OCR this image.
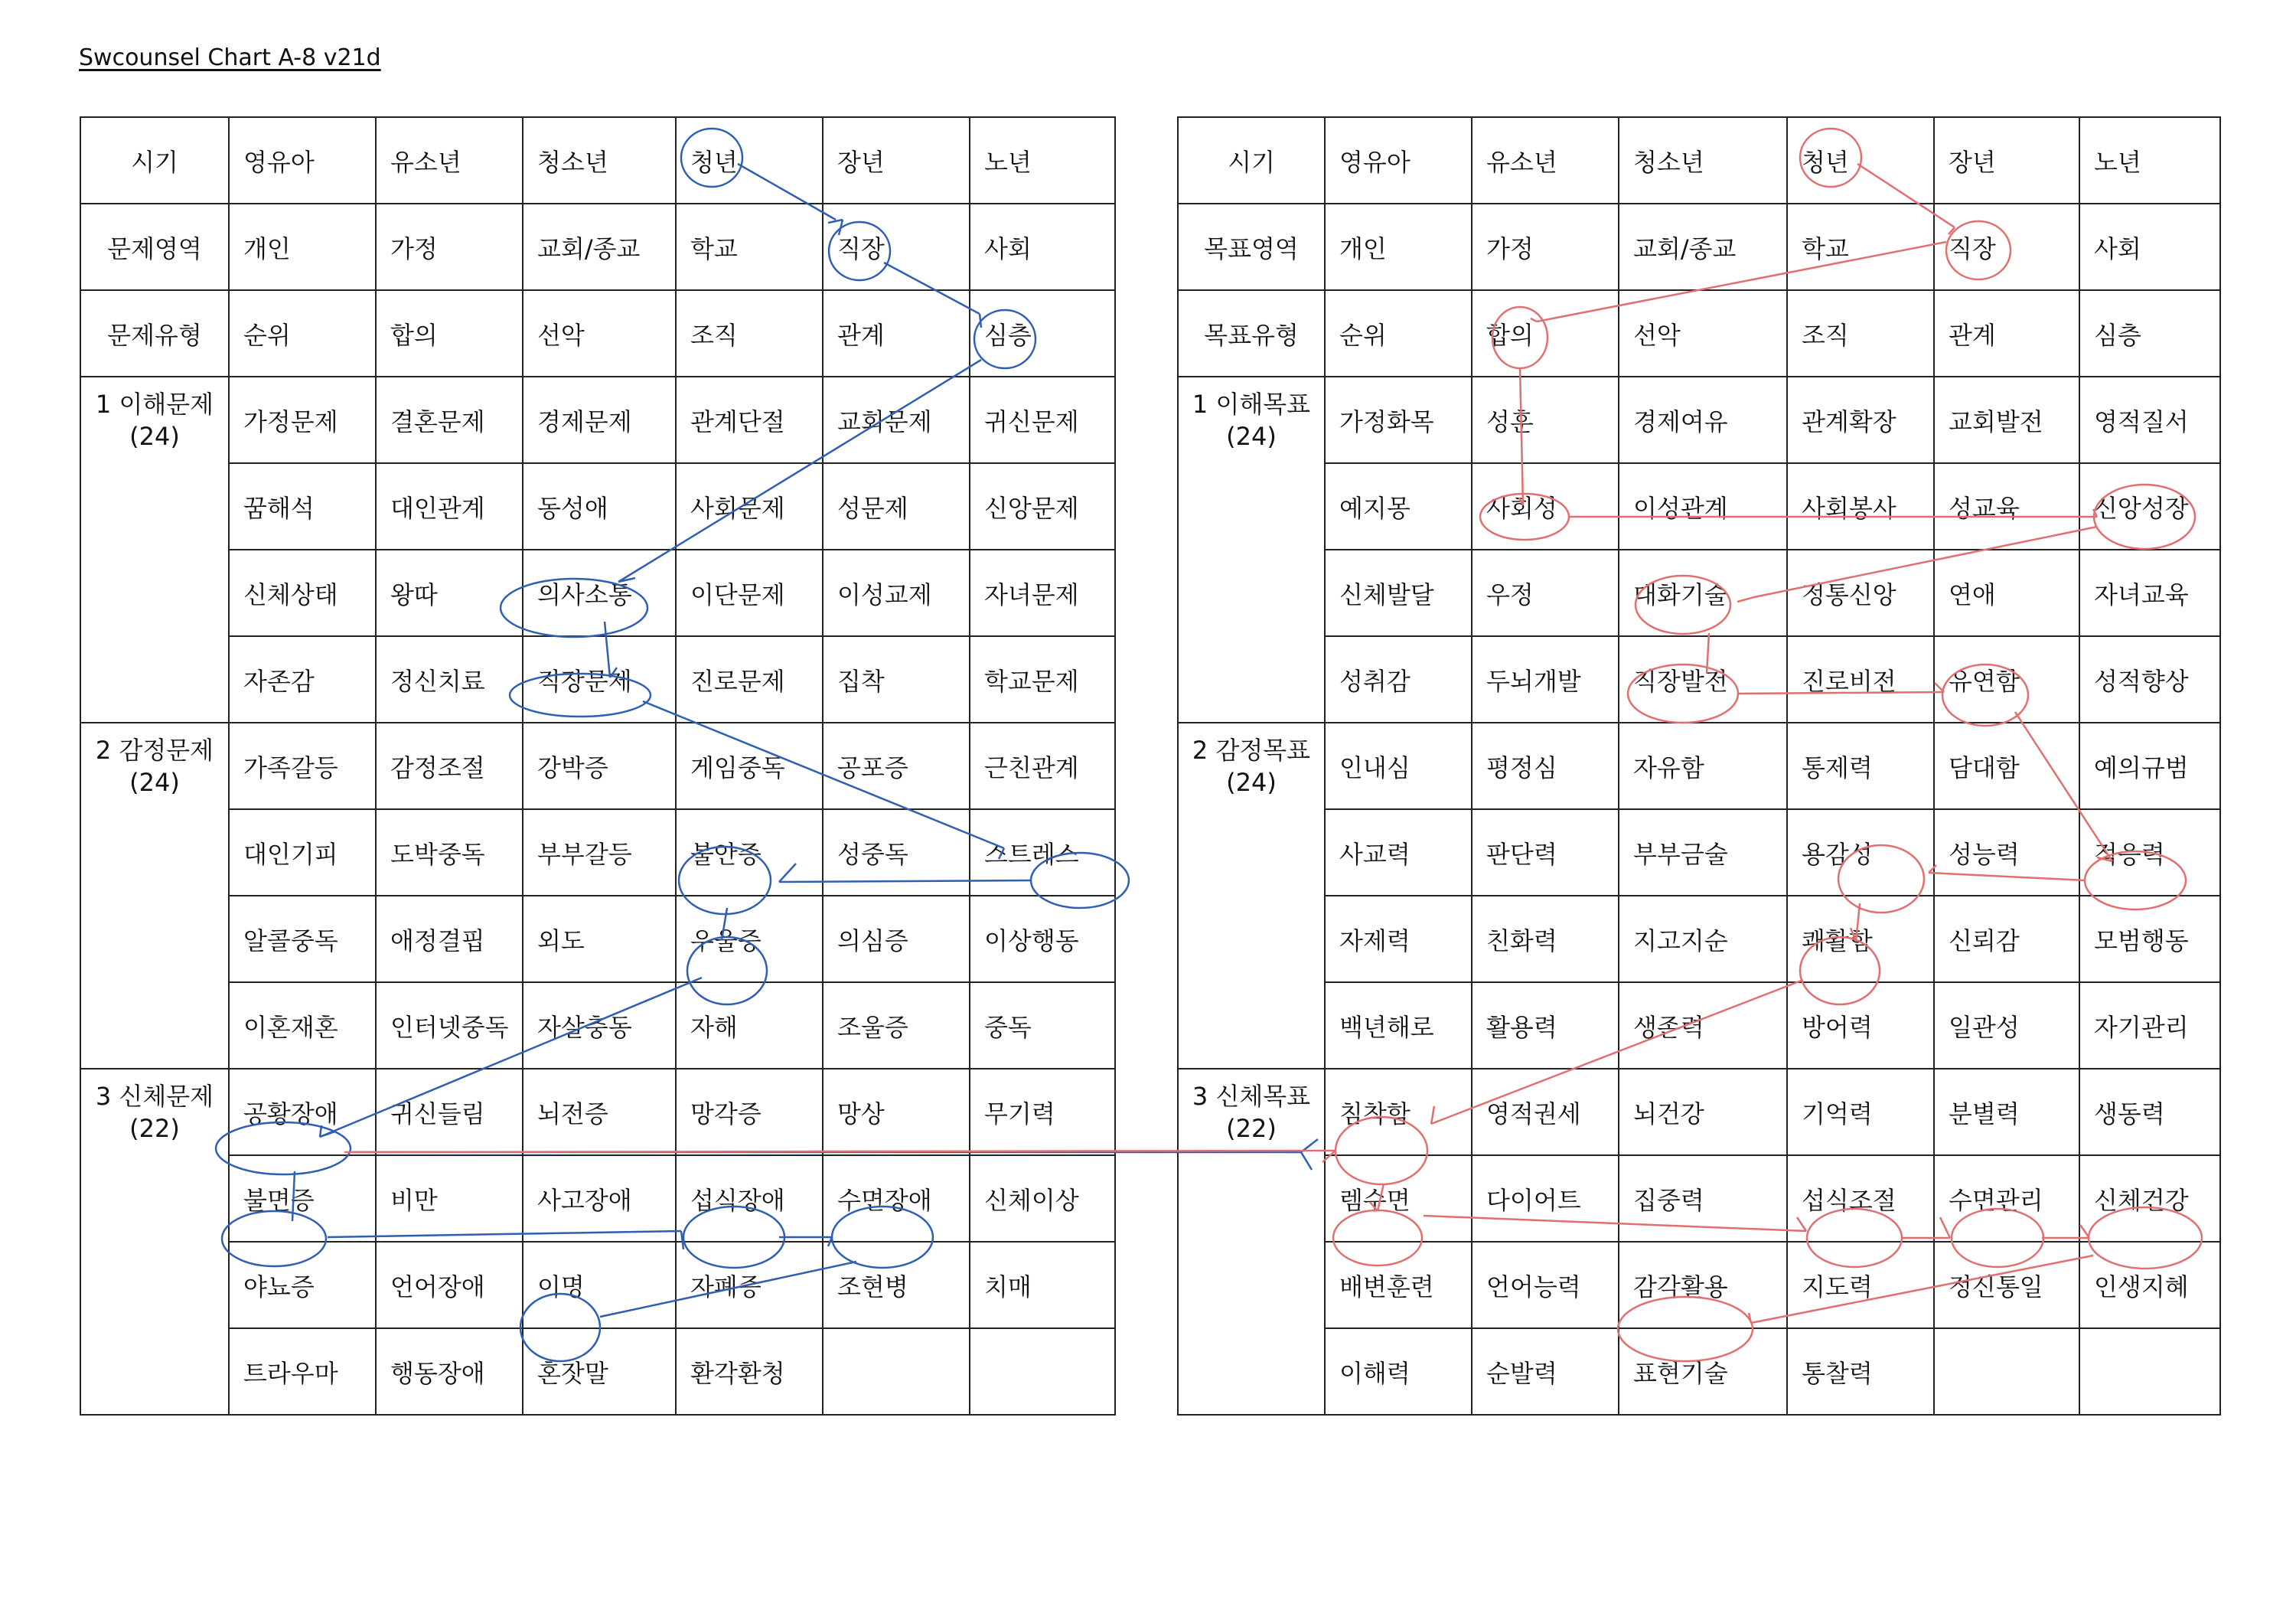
Swcounsel Chart A-8 v21d
시기	영유아	유소년	청소년	청년	장년	노년
문제영역	개인	가정	교회/종교	학교	직장	사회
문제유형	순위	합의	선악	조직	관계	심층
1 이해문제
(24)	가정문제	결혼문제	경제문제	관계단절	교회문제	귀신문제
	꿈해석	대인관계	동성애	사회문제	성문제	신앙문제
	신체상태	왕따	의사소통	이단문제	이성교제	자녀문제
	자존감	정신치료	직장문제	진로문제	집착	학교문제
2 감정문제
(24)	가족갈등	감정조절	강박증	게임중독	공포증	근친관계
	대인기피	도박중독	부부갈등	불안증	성중독	스트레스
	알콜중독	애정결핍	외도	우울증	의심증	이상행동
	이혼재혼	인터넷중독	자살충동	자해	조울증	중독
3 신체문제
(22)	공황장애	귀신들림	뇌전증	망각증	망상	무기력
	불면증	비만	사고장애	섭식장애	수면장애	신체이상
	야뇨증	언어장애	이명	자폐증	조현병	치매
	트라우마	행동장애	혼잣말	환각환청		
시기	영유아	유소년	청소년	청년	장년	노년
목표영역	개인	가정	교회/종교	학교	직장	사회
목표유형	순위	합의	선악	조직	관계	심층
1 이해목표
(24)	가정화목	성훈	경제여유	관계확장	교회발전	영적질서
	예지몽	사회성	이성관계	사회봉사	성교육	신앙성장
	신체발달	우정	대화기술	정통신앙	연애	자녀교육
	성취감	두뇌개발	직장발전	진로비전	유연함	성적향상
2 감정목표
(24)	인내심	평정심	자유함	통제력	담대함	예의규범
	사교력	판단력	부부금술	용감성	성능력	적응력
	자제력	친화력	지고지순	쾌활함	신뢰감	모범행동
	백년해로	활용력	생존력	방어력	일관성	자기관리
3 신체목표
(22)	침착함	영적권세	뇌건강	기억력	분별력	생동력
	렘수면	다이어트	집중력	섭식조절	수면관리	신체건강
	배변훈련	언어능력	감각활용	지도력	정신통일	인생지혜
	이해력	순발력	표현기술	통찰력		
